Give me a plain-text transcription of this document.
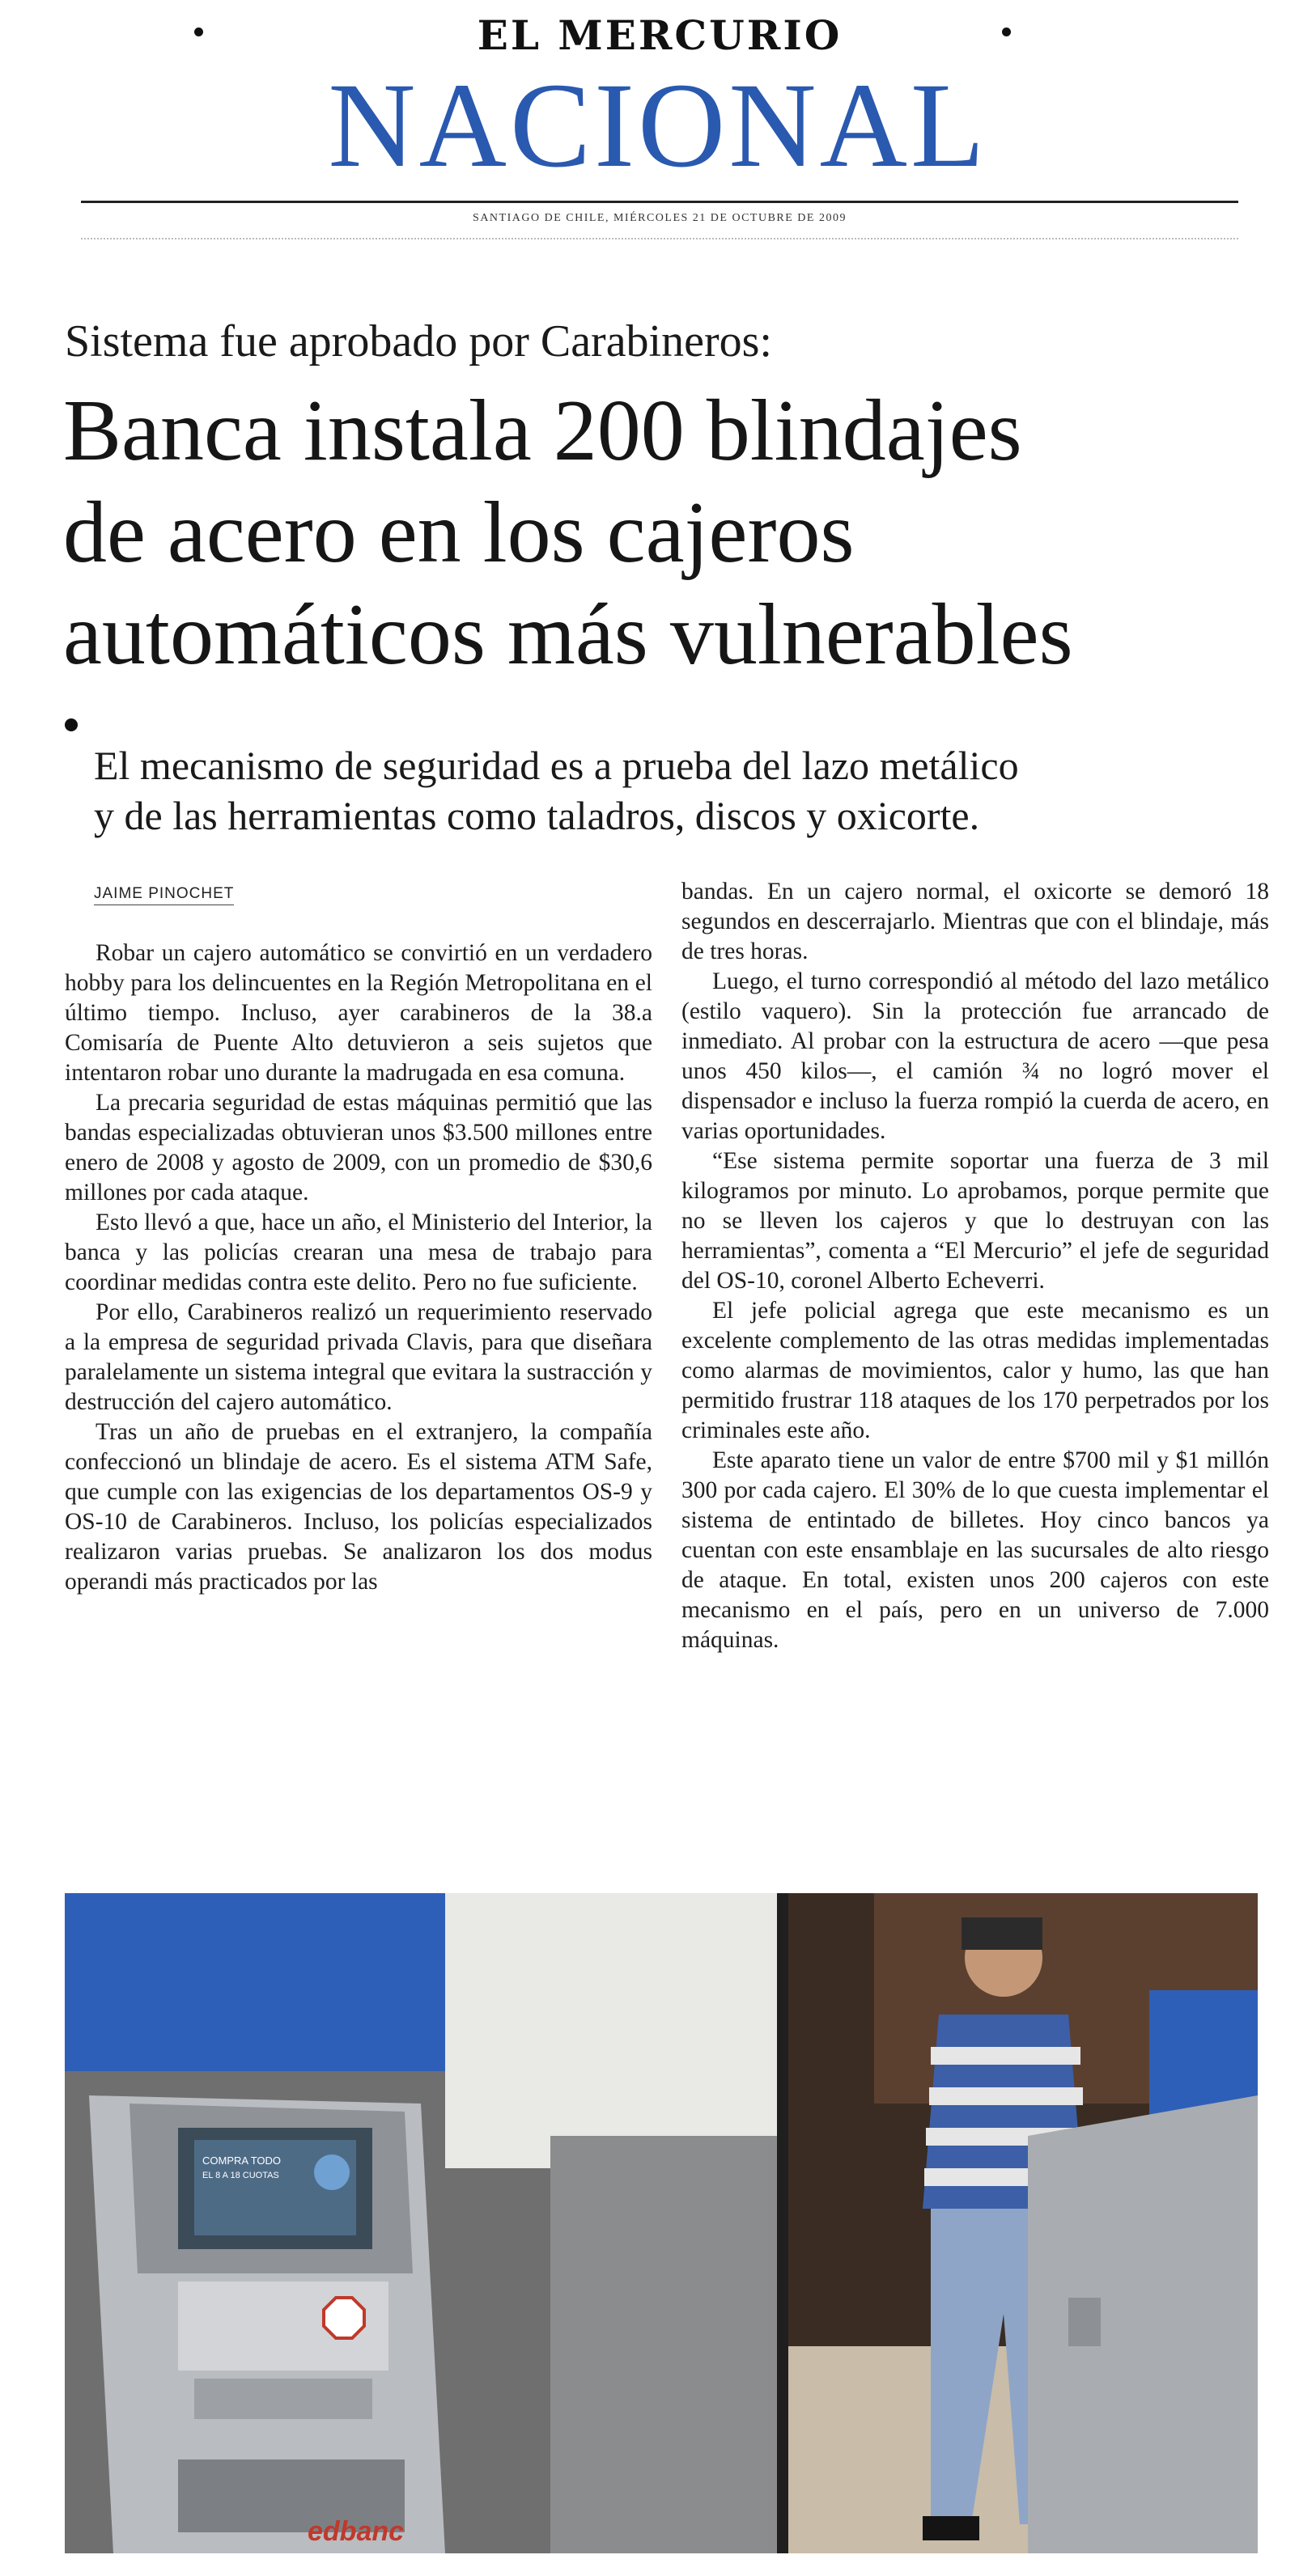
EL MERCURIO
NACIONAL
SANTIAGO DE CHILE, MIÉRCOLES 21 DE OCTUBRE DE 2009
Sistema fue aprobado por Carabineros:
Banca instala 200 blindajes
de acero en los cajeros
automáticos más vulnerables
El mecanismo de seguridad es a prueba del lazo metálico
y de las herramientas como taladros, discos y oxicorte.
JAIME PINOCHET

Robar un cajero automático se convirtió en un verdadero hobby para los delincuentes en la Región Metropolitana en el último tiempo. Incluso, ayer carabineros de la 38.a Comisaría de Puente Alto detuvieron a seis sujetos que intentaron robar uno durante la madrugada en esa comuna.

La precaria seguridad de estas máquinas permitió que las bandas especializadas obtuvieran unos $3.500 millones entre enero de 2008 y agosto de 2009, con un promedio de $30,6 millones por cada ataque.

Esto llevó a que, hace un año, el Ministerio del Interior, la banca y las policías crearan una mesa de trabajo para coordinar medidas contra este delito. Pero no fue suficiente.

Por ello, Carabineros realizó un requerimiento reservado a la empresa de seguridad privada Clavis, para que diseñara paralelamente un sistema integral que evitara la sustracción y destrucción del cajero automático.

Tras un año de pruebas en el extranjero, la compañía confeccionó un blindaje de acero. Es el sistema ATM Safe, que cumple con las exigencias de los departamentos OS-9 y OS-10 de Carabineros. Incluso, los policías especializados realizaron varias pruebas. Se analizaron los dos modus operandi más practicados por las

bandas. En un cajero normal, el oxicorte se demoró 18 segundos en descerrajarlo. Mientras que con el blindaje, más de tres horas.

Luego, el turno correspondió al método del lazo metálico (estilo vaquero). Sin la protección fue arrancado de inmediato. Al probar con la estructura de acero —que pesa unos 450 kilos—, el camión ¾ no logró mover el dispensador e incluso la fuerza rompió la cuerda de acero, en varias oportunidades.

“Ese sistema permite soportar una fuerza de 3 mil kilogramos por minuto. Lo aprobamos, porque permite que no se lleven los cajeros y que lo destruyan con las herramientas”, comenta a “El Mercurio” el jefe de seguridad del OS-10, coronel Alberto Echeverri.

El jefe policial agrega que este mecanismo es un excelente complemento de las otras medidas implementadas como alarmas de movimientos, calor y humo, las que han permitido frustrar 118 ataques de los 170 perpetrados por los criminales este año.

Este aparato tiene un valor de entre $700 mil y $1 millón 300 por cada cajero. El 30% de lo que cuesta implementar el sistema de entintado de billetes. Hoy cinco bancos ya cuentan con este ensamblaje en las sucursales de alto riesgo de ataque. En total, existen unos 200 cajeros con este mecanismo en el país, pero en un universo de 7.000 máquinas.

COMPRA TODO
EL 8 A 18 CUOTAS
edbanc
